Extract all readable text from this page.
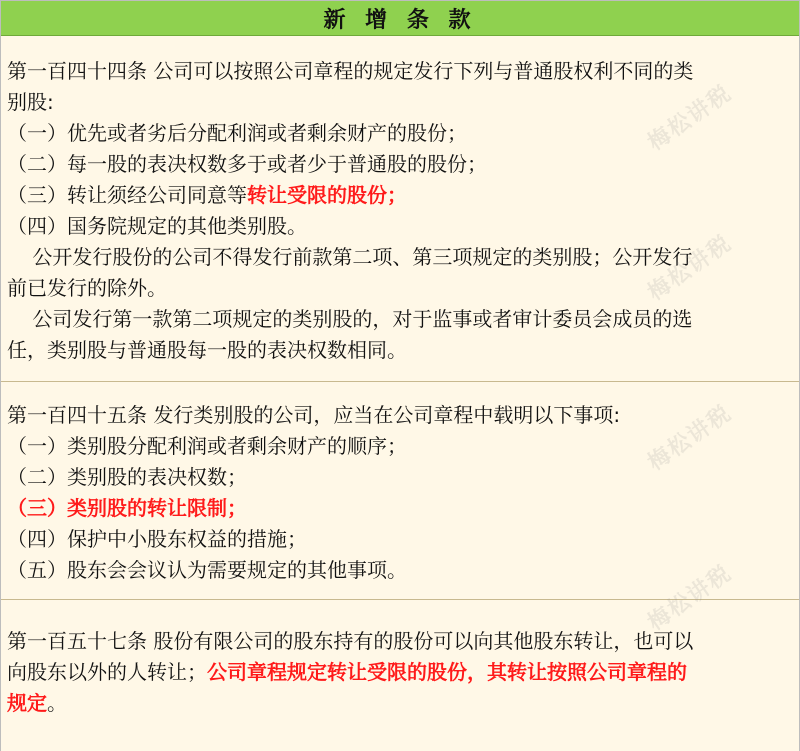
新 增 条 款
第一百四十四条 公司可以按照公司章程的规定发行下列与普通股权利不同的类
别股:
（一）优先或者劣后分配利润或者剩余财产的股份；
（二）每一股的表决权数多于或者少于普通股的股份；
（三）转让须经公司同意等转让受限的股份；
（四）国务院规定的其他类别股。
公开发行股份的公司不得发行前款第二项、第三项规定的类别股；公开发行
前已发行的除外。
公司发行第一款第二项规定的类别股的，对于监事或者审计委员会成员的选
任，类别股与普通股每一股的表决权数相同。
第一百四十五条 发行类别股的公司，应当在公司章程中载明以下事项:
（一）类别股分配利润或者剩余财产的顺序；
（二）类别股的表决权数；
（三）类别股的转让限制；
（四）保护中小股东权益的措施；
（五）股东会会议认为需要规定的其他事项。
第一百五十七条 股份有限公司的股东持有的股份可以向其他股东转让，也可以
向股东以外的人转让；公司章程规定转让受限的股份，其转让按照公司章程的
规定。
